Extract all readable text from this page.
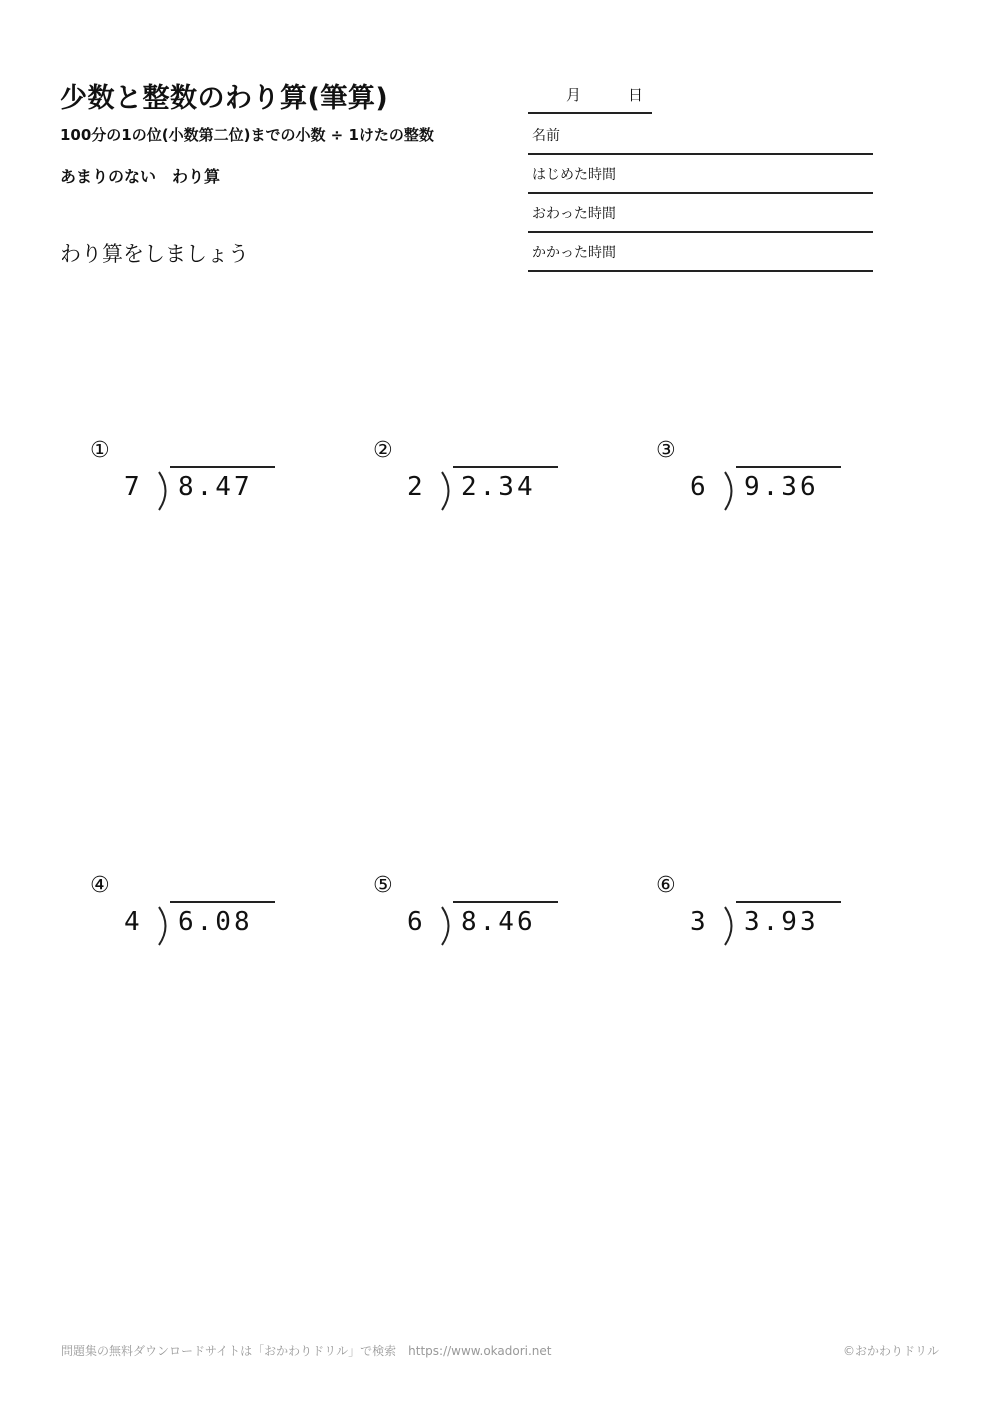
少数と整数のわり算(筆算)
100分の1の位(小数第二位)までの小数 ÷ 1けたの整数
あまりのない　わり算
わり算をしましょう
月	日
名前
はじめた時間
おわった時間
かかった時間
①
7 8.47
②
2 2.34
③
6 9.36
④
4 6.08
⑤
6 8.46
⑥
3 3.93
問題集の無料ダウンロードサイトは「おかわりドリル」で検索　https://www.okadori.net	©おかわりドリル
